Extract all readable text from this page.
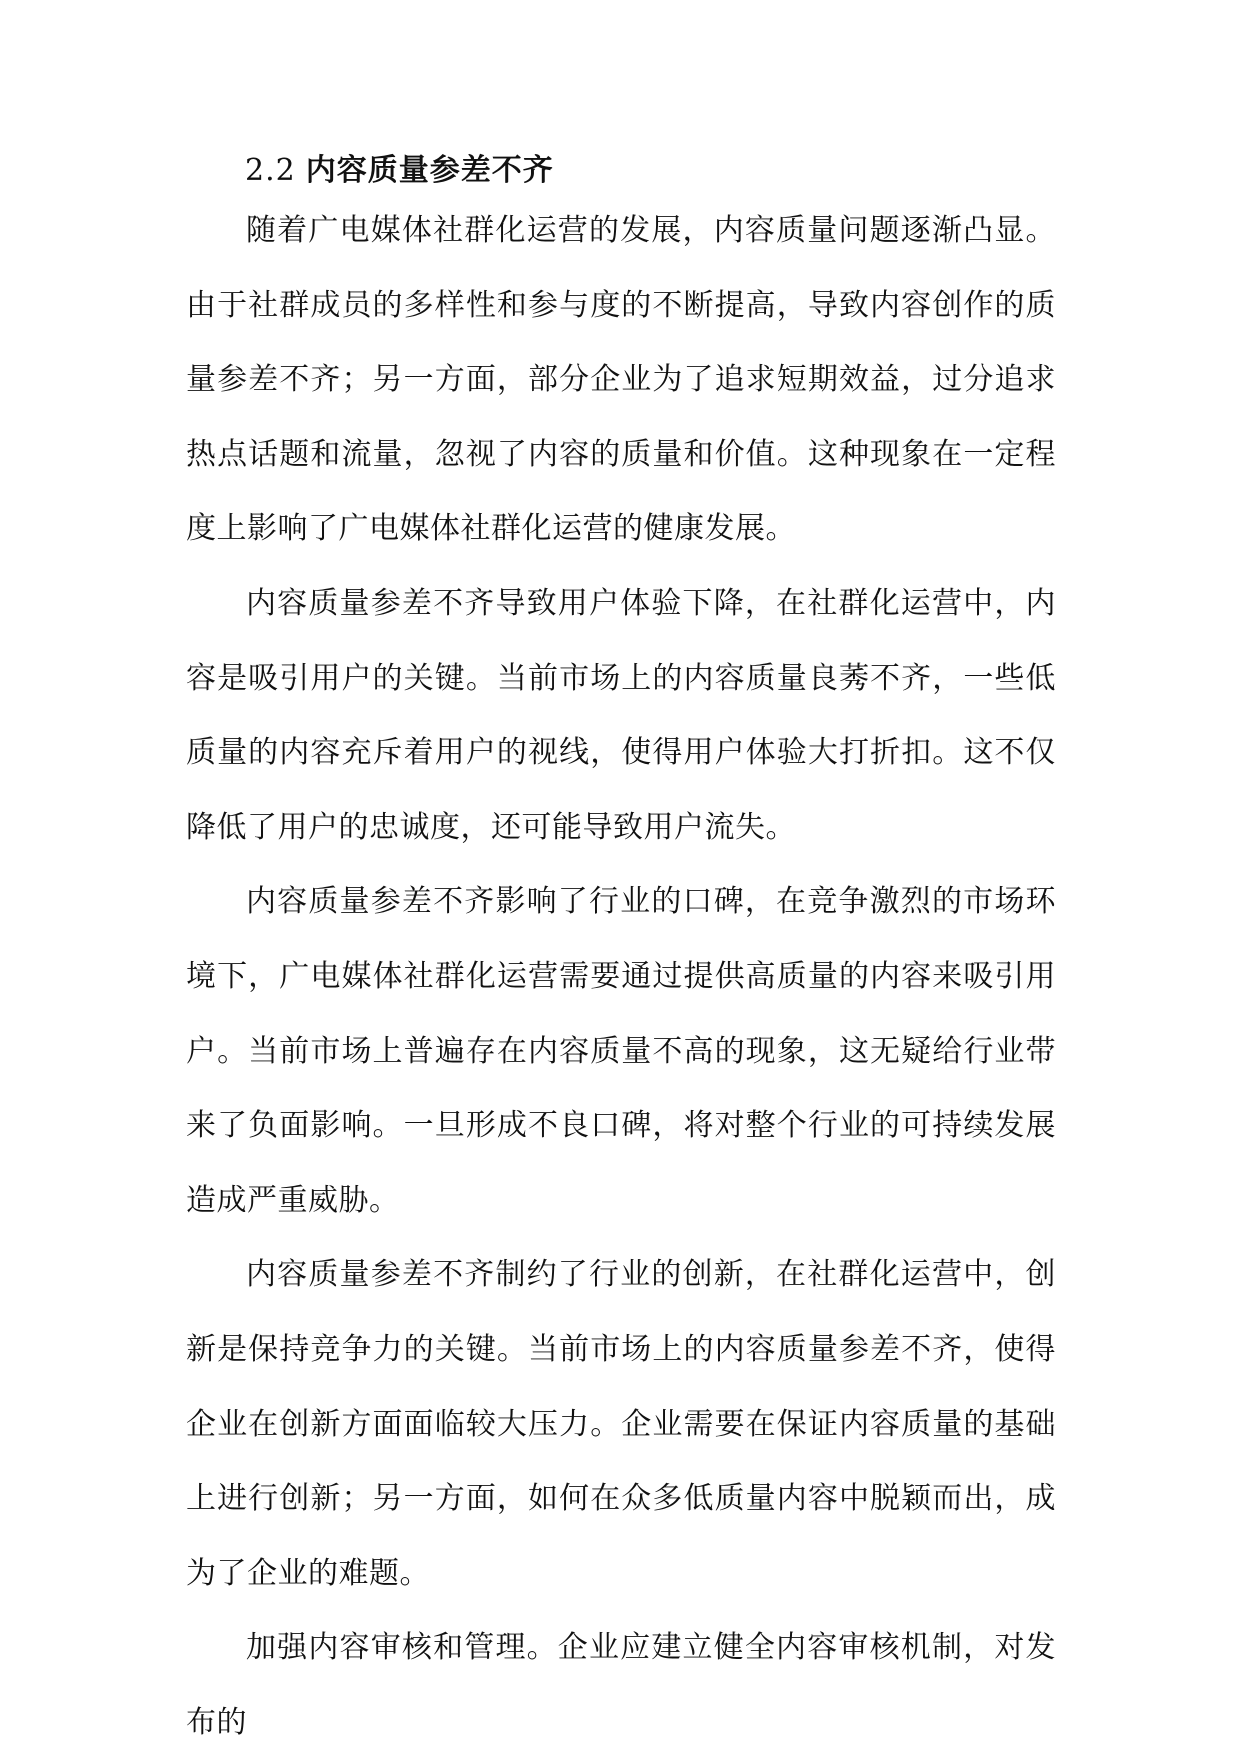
2.2 内容质量参差不齐

随着广电媒体社群化运营的发展，内容质量问题逐渐凸显。由于社群成员的多样性和参与度的不断提高，导致内容创作的质量参差不齐；另一方面，部分企业为了追求短期效益，过分追求热点话题和流量，忽视了内容的质量和价值。这种现象在一定程度上影响了广电媒体社群化运营的健康发展。

内容质量参差不齐导致用户体验下降，在社群化运营中，内容是吸引用户的关键。当前市场上的内容质量良莠不齐，一些低质量的内容充斥着用户的视线，使得用户体验大打折扣。这不仅降低了用户的忠诚度，还可能导致用户流失。

内容质量参差不齐影响了行业的口碑，在竞争激烈的市场环境下，广电媒体社群化运营需要通过提供高质量的内容来吸引用户。当前市场上普遍存在内容质量不高的现象，这无疑给行业带来了负面影响。一旦形成不良口碑，将对整个行业的可持续发展造成严重威胁。

内容质量参差不齐制约了行业的创新，在社群化运营中，创新是保持竞争力的关键。当前市场上的内容质量参差不齐，使得企业在创新方面面临较大压力。企业需要在保证内容质量的基础上进行创新；另一方面，如何在众多低质量内容中脱颖而出，成为了企业的难题。

加强内容审核和管理。企业应建立健全内容审核机制，对发布的
